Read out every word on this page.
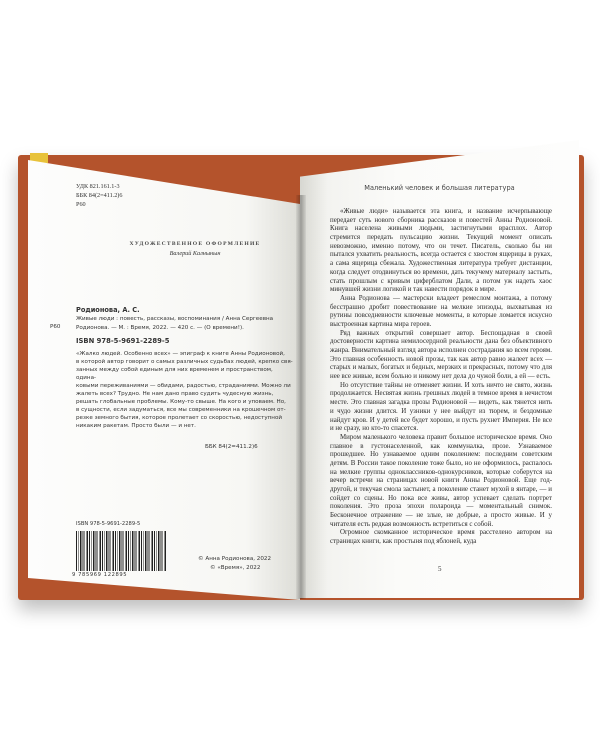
УДК 821.161.1-3
ББК 84(2=411.2)6
Р60
ХУДОЖЕСТВЕННОЕ ОФОРМЛЕНИЕ
Валерий Калнынын
Родионова, А. С.
Р60
Живые люди : повесть, рассказы, воспоминания / Анна Сергеевна
Родионова. — М. : Время, 2022. — 420 с. — (О времени!).
ISBN 978-5-9691-2289-5
«Жалко людей. Особенно всех» — эпиграф к книге Анны Родионовой,
в которой автор говорит о самых различных судьбах людей, крепко свя-
занных между собой единым для них временем и пространством, одина-
ковыми переживаниями — обидами, радостью, страданиями. Можно ли
жалеть всех? Трудно. Не нам дано право судить чудесную жизнь,
решать глобальные проблемы. Кому-то свыше. На кого и уповаем. Но,
в сущности, если задуматься, все мы современники на крошечном от-
резке земного бытия, которое пролетает со скоростью, недоступной
никаким ракетам. Просто были — и нет.
ББК 84(2=411.2)6
ISBN 978-5-9691-2289-5
9 785969 122895
© Анна Родионова, 2022
© «Время», 2022
Маленький человек и большая литература

«Живые люди» называется эта книга, и название исчерпывающе передает суть нового сборника рассказов и повестей Анны Родионовой. Книга населена живыми людьми, застигнутыми врасплох. Автор стремится передать пульсацию жизни. Текущий момент описать невозможно, именно потому, что он течет. Писатель, сколько бы ни пытался ухватить реальность, всегда остается с хвостом ящерицы в руках, а сама ящерица сбежала. Художественная литература требует дистанции, когда следует отодвинуться во времени, дать текучему материалу застыть, стать прошлым с кривым циферблатом Дали, а потом уж надеть хаос минувшей жизни логикой и так навести порядок в мире.

Анна Родионова — мастерски владеет ремеслом монтажа, а потому бесстрашно дробит повествование на мелкие эпизоды, выхватывая из рутины повседневности ключевые моменты, в которые ломается искусно выстроенная картина мира героев.

Ряд важных открытий совершает автор. Беспощадная в своей достоверности картина немилосердной реальности дана без объективного жанра. Внимательный взгляд автора исполнен сострадания ко всем героям. Это главная особенность новой прозы, так как автор равно жалеет всех — старых и малых, богатых и бедных, мерзких и прекрасных, потому что для нее все живые, всем больно и никому нет дела до чужой боли, а ей — есть.

Но отсутствие тайны не отменяет жизни. И хоть ничто не свято, жизнь продолжается. Несвятая жизнь грешных людей в темное время в нечистом месте. Это главная загадка прозы Родионовой — видеть, как тянется нить и чудо жизни длится. И узники у нее выйдут из тюрем, и бездомные найдут кров. И у детей все будет хорошо, и пусть рухнет Империя. Не все и не сразу, но кто-то спасется.

Миром маленького человека правит большое историческое время. Оно главное в густонаселенной, как коммуналка, прозе. Узнаваемое прошедшее. Но узнаваемое одним поколением: последним советским детям. В России такое поколение тоже было, но не оформилось, распалось на мелкие группы одноклассников-однокурсников, которые соберутся на вечер встречи на страницах новой книги Анны Родионовой. Еще год-другой, и текучая смола застынет, а поколение станет мухой в янтаре, — и сойдет со сцены. Но пока все живы, автор успевает сделать портрет поколения. Это проза эпохи полароида — моментальный снимок. Бесконечное отражение — не злые, не добрые, а просто живые. И у читателя есть редкая возможность встретиться с собой.

Огромное скомканное историческое время расстелено автором на страницах книги, как простыня под яблоней, куда

5
